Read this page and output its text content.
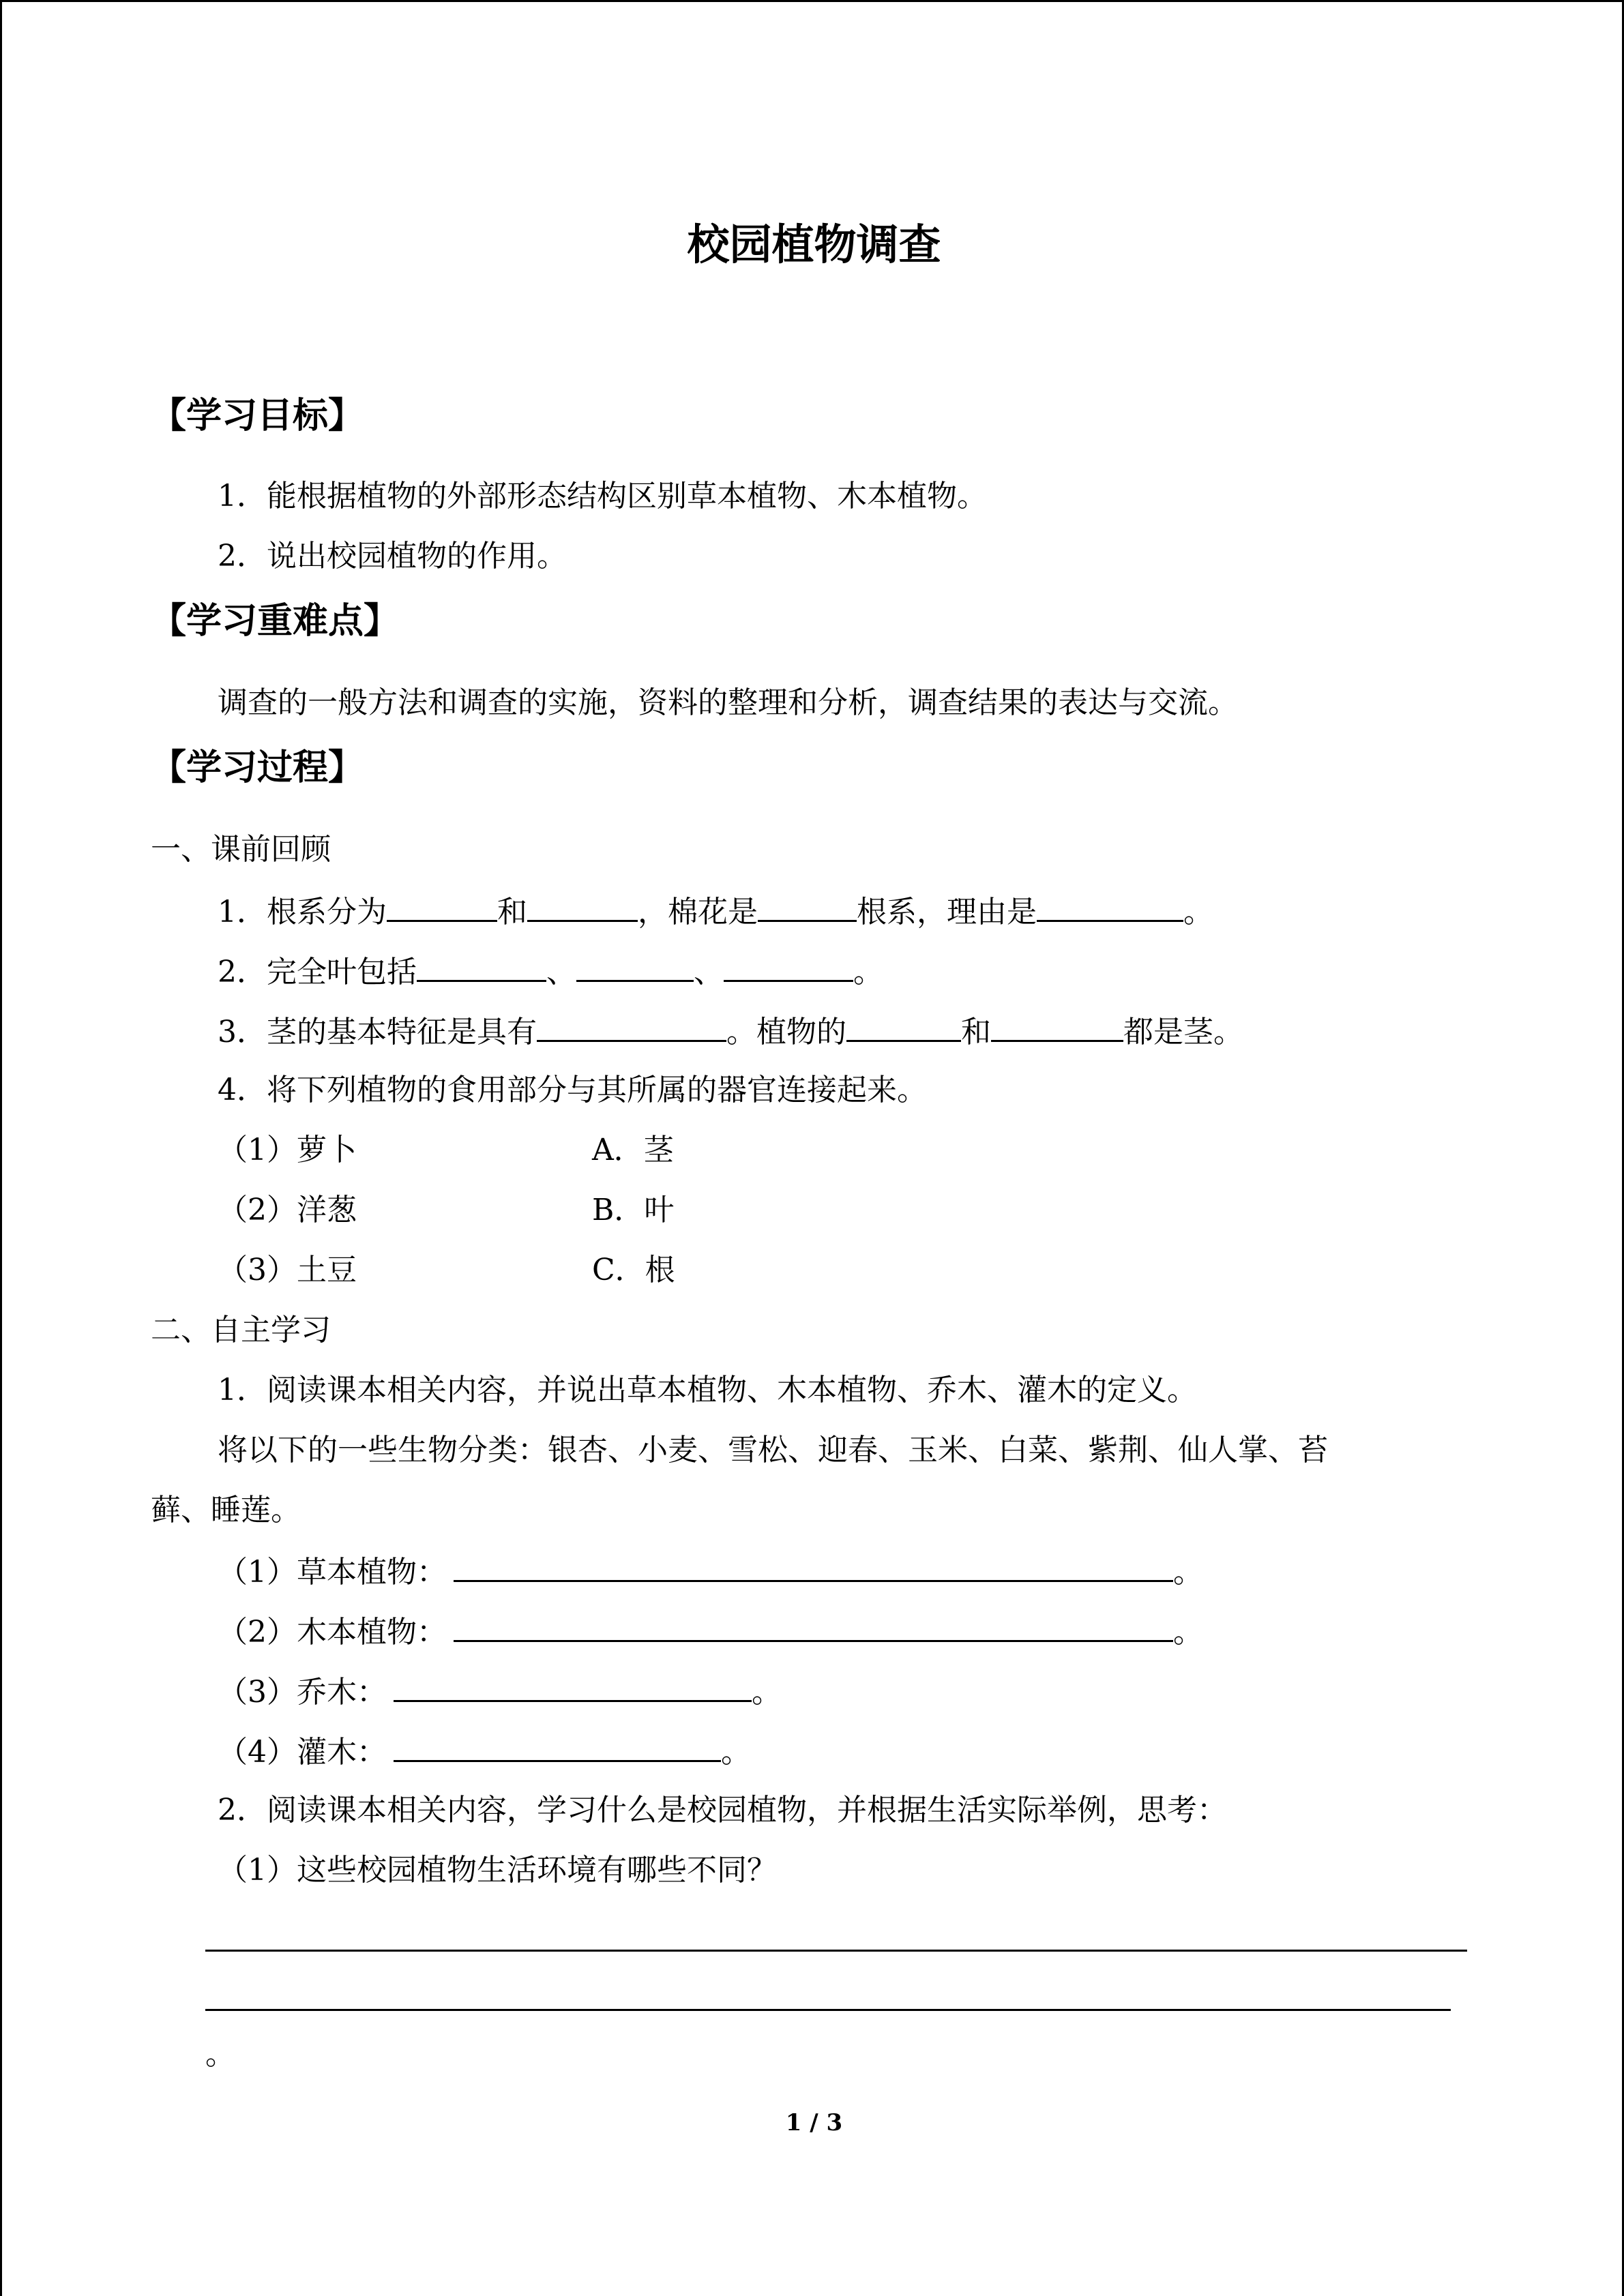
校园植物调查
【学习目标】
1．能根据植物的外部形态结构区别草本植物、木本植物。
2．说出校园植物的作用。
【学习重难点】
调查的一般方法和调查的实施，资料的整理和分析，调查结果的表达与交流。
【学习过程】
一、课前回顾
1．根系分为	和	，棉花是	根系，理由是	。
2．完全叶包括	、	、	。
3．茎的基本特征是具有	。植物的	和	都是茎。
4．将下列植物的食用部分与其所属的器官连接起来。
（1）萝卜	A．茎
（2）洋葱	B．叶
（3）土豆	C．根
二、自主学习
1．阅读课本相关内容，并说出草本植物、木本植物、乔木、灌木的定义。
将以下的一些生物分类：银杏、小麦、雪松、迎春、玉米、白菜、紫荆、仙人掌、苔
藓、睡莲。
（1）草本植物：	。
（2）木本植物：	。
（3）乔木：	。
（4）灌木：	。
2．阅读课本相关内容，学习什么是校园植物，并根据生活实际举例，思考：
（1）这些校园植物生活环境有哪些不同？
。
1 / 3
